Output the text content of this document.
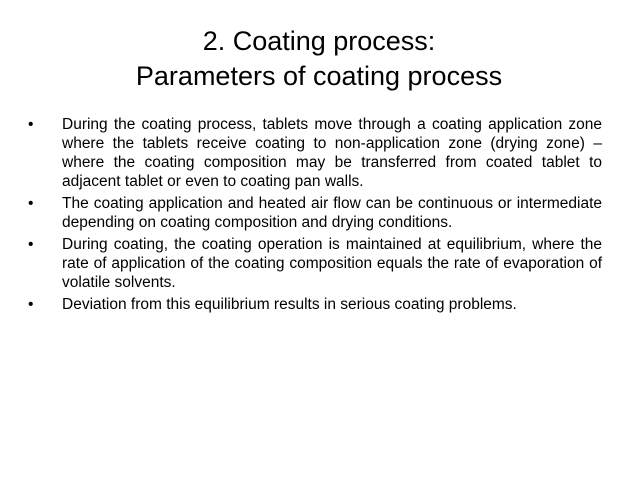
2. Coating process:
Parameters of coating process
•	During the coating process, tablets move through a coating application zone where the tablets receive coating to non-application zone (drying zone) –where the coating composition may be transferred from coated tablet to adjacent tablet or even to coating pan walls.
•	The coating application and heated air flow can be continuous or intermediate depending on coating composition and drying conditions.
•	During coating, the coating operation is maintained at equilibrium, where the rate of application of the coating composition equals the rate of evaporation of volatile solvents.
•	Deviation from this equilibrium results in serious coating problems.
